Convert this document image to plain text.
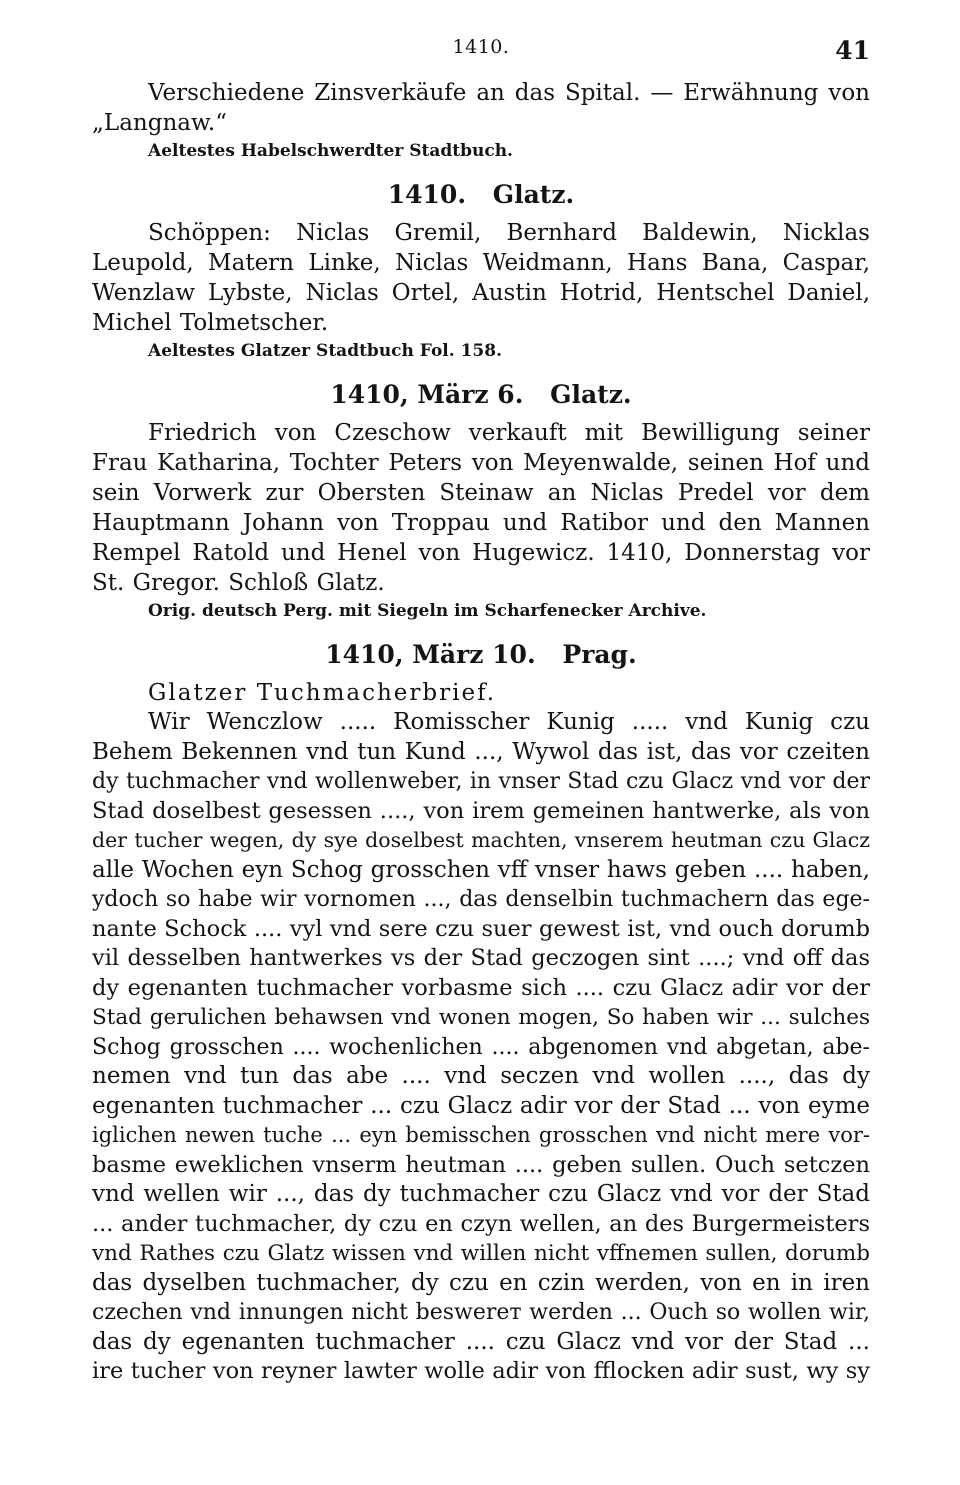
1410.	41

Verschiedene Zinsverkäufe an das Spital. — Erwähnung von „Langnaw.“

Aeltestes Habelschwerdter Stadtbuch.

1410. Glatz.

Schöppen: Niclas Gremil, Bernhard Baldewin, Nicklas Leupold, Matern Linke, Niclas Weidmann, Hans Bana, Caspar, Wenzlaw Lybste, Niclas Ortel, Austin Hotrid, Hentschel Daniel, Michel Tolmetscher.

Aeltestes Glatzer Stadtbuch Fol. 158.

1410, März 6. Glatz.

Friedrich von Czeschow verkauft mit Bewilligung seiner Frau Katharina, Tochter Peters von Meyenwalde, seinen Hof und sein Vorwerk zur Obersten Steinaw an Niclas Predel vor dem Hauptmann Johann von Troppau und Ratibor und den Mannen Rempel Ratold und Henel von Hugewicz. 1410, Donnerstag vor St. Gregor. Schloß Glatz.

Orig. deutsch Perg. mit Siegeln im Scharfenecker Archive.

1410, März 10. Prag.

Glatzer Tuchmacherbrief.

Wir Wenczlow ..... Romisscher Kunig ..... vnd Kunig czu
Behem Bekennen vnd tun Kund ..., Wywol das ist, das vor czeiten
dy tuchmacher vnd wollenweber, in vnser Stad czu Glacz vnd vor der
Stad doselbest gesessen ...., von irem gemeinen hantwerke, als von
der tucher wegen, dy sye doselbest machten, vnserem heutman czu Glacz
alle Wochen eyn Schog grosschen vff vnser haws geben .... haben,
ydoch so habe wir vornomen ..., das denselbin tuchmachern das ege-
nante Schock .... vyl vnd sere czu suer gewest ist, vnd ouch dorumb
vil desselben hantwerkes vs der Stad geczogen sint ....; vnd off das
dy egenanten tuchmacher vorbasme sich .... czu Glacz adir vor der
Stad gerulichen behawsen vnd wonen mogen, So haben wir ... sulches
Schog grosschen .... wochenlichen .... abgenomen vnd abgetan, abe-
nemen vnd tun das abe .... vnd seczen vnd wollen ...., das dy
egenanten tuchmacher ... czu Glacz adir vor der Stad ... von eyme
iglichen newen tuche ... eyn bemisschen grosschen vnd nicht mere vor-
basme eweklichen vnserm heutman .... geben sullen. Ouch setczen
vnd wellen wir ..., das dy tuchmacher czu Glacz vnd vor der Stad
... ander tuchmacher, dy czu en czyn wellen, an des Burgermeisters
vnd Rathes czu Glatz wissen vnd willen nicht vffnemen sullen, dorumb
das dyselben tuchmacher, dy czu en czin werden, von en in iren
czechen vnd innungen nicht beswerет werden ... Ouch so wollen wir,
das dy egenanten tuchmacher .... czu Glacz vnd vor der Stad ...
ire tucher von reyner lawter wolle adir von fflocken adir sust, wy sy
